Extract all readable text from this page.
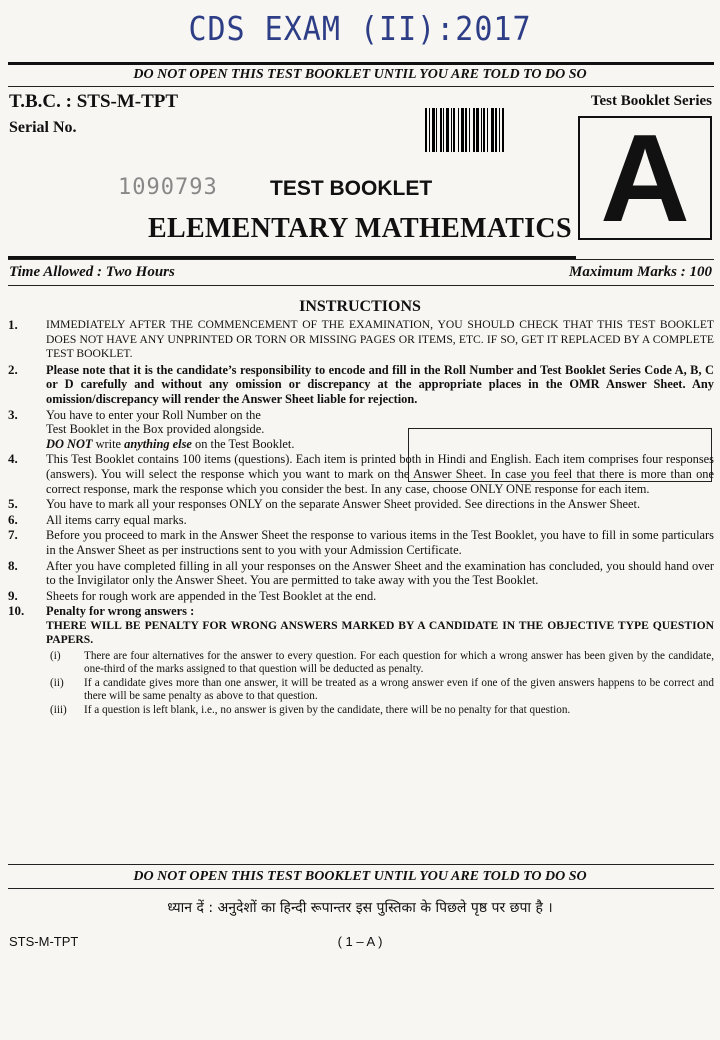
CDS EXAM (II):2017
DO NOT OPEN THIS TEST BOOKLET UNTIL YOU ARE TOLD TO DO SO
T.B.C. : STS-M-TPT
Serial No.
Test Booklet Series
A
1090793 TEST BOOKLET
ELEMENTARY MATHEMATICS
Time Allowed : Two Hours	Maximum Marks : 100
INSTRUCTIONS
1.	IMMEDIATELY AFTER THE COMMENCEMENT OF THE EXAMINATION, YOU SHOULD CHECK THAT THIS TEST BOOKLET DOES NOT HAVE ANY UNPRINTED OR TORN OR MISSING PAGES OR ITEMS, ETC. IF SO, GET IT REPLACED BY A COMPLETE TEST BOOKLET.
2.	Please note that it is the candidate’s responsibility to encode and fill in the Roll Number and Test Booklet Series Code A, B, C or D carefully and without any omission or discrepancy at the appropriate places in the OMR Answer Sheet. Any omission/discrepancy will render the Answer Sheet liable for rejection.
3.	You have to enter your Roll Number on the
Test Booklet in the Box provided alongside.
DO NOT write anything else on the Test Booklet.
4.	This Test Booklet contains 100 items (questions). Each item is printed both in Hindi and English. Each item comprises four responses (answers). You will select the response which you want to mark on the Answer Sheet. In case you feel that there is more than one correct response, mark the response which you consider the best. In any case, choose ONLY ONE response for each item.
5.	You have to mark all your responses ONLY on the separate Answer Sheet provided. See directions in the Answer Sheet.
6.	All items carry equal marks.
7.	Before you proceed to mark in the Answer Sheet the response to various items in the Test Booklet, you have to fill in some particulars in the Answer Sheet as per instructions sent to you with your Admission Certificate.
8.	After you have completed filling in all your responses on the Answer Sheet and the examination has concluded, you should hand over to the Invigilator only the Answer Sheet. You are permitted to take away with you the Test Booklet.
9.	Sheets for rough work are appended in the Test Booklet at the end.
10.	Penalty for wrong answers :
THERE WILL BE PENALTY FOR WRONG ANSWERS MARKED BY A CANDIDATE IN THE OBJECTIVE TYPE QUESTION PAPERS.
(i)	There are four alternatives for the answer to every question. For each question for which a wrong answer has been given by the candidate, one-third of the marks assigned to that question will be deducted as penalty.
(ii)	If a candidate gives more than one answer, it will be treated as a wrong answer even if one of the given answers happens to be correct and there will be same penalty as above to that question.
(iii)	If a question is left blank, i.e., no answer is given by the candidate, there will be no penalty for that question.
DO NOT OPEN THIS TEST BOOKLET UNTIL YOU ARE TOLD TO DO SO
ध्यान दें : अनुदेशों का हिन्दी रूपान्तर इस पुस्तिका के पिछले पृष्ठ पर छपा है ।
STS-M-TPT	( 1 – A )
